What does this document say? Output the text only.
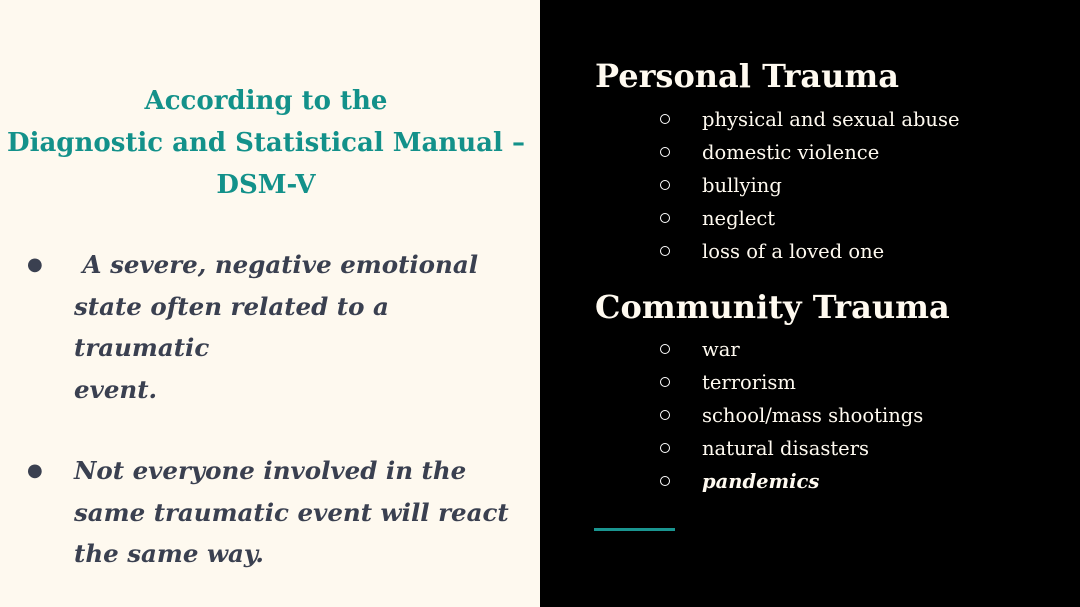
According to the
Diagnostic and Statistical Manual –
DSM-V
● A severe, negative emotional
state often related to a traumatic
event.
● Not everyone involved in the
same traumatic event will react
the same way.
Personal Trauma
physical and sexual abuse
domestic violence
bullying
neglect
loss of a loved one
Community Trauma
war
terrorism
school/mass shootings
natural disasters
pandemics
